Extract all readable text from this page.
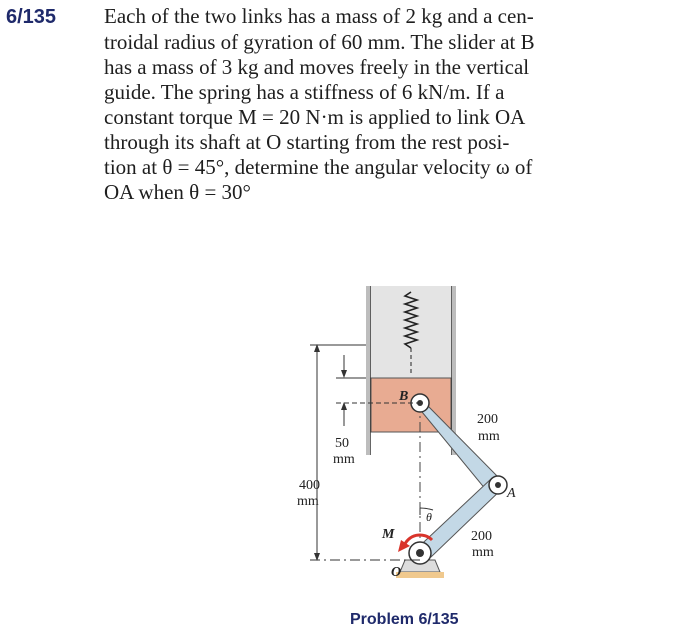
6/135 Each of the two links has a mass of 2 kg and a cen-
troidal radius of gyration of 60 mm. The slider at B
has a mass of 3 kg and moves freely in the vertical
guide. The spring has a stiffness of 6 kN/m. If a
constant torque M = 20 N·m is applied to link OA
through its shaft at O starting from the rest posi-
tion at θ = 45°, determine the angular velocity ω of
OA when θ = 30°
B
A
O
M
θ
200
mm
200
mm
50
mm
400
mm
Problem 6/135
